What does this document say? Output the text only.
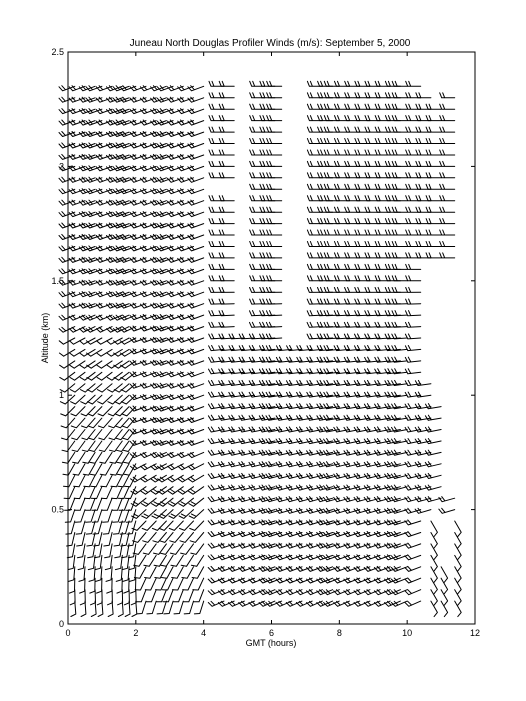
Juneau North Douglas Profiler Winds (m/s): September 5, 2000
0	2	4	6	8	10	12
0
0.5
1
1.5
2
2.5
GMT (hours)
Altitude (km)
